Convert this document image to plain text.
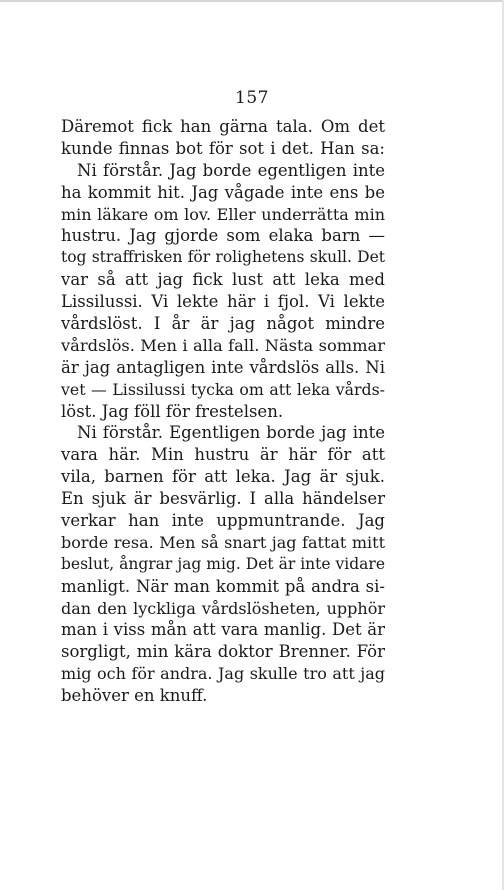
157
Däremot fick han gärna tala. Om det
kunde finnas bot för sot i det. Han sa:
Ni förstår. Jag borde egentligen inte
ha kommit hit. Jag vågade inte ens be
min läkare om lov. Eller underrätta min
hustru. Jag gjorde som elaka barn —
tog straffrisken för rolighetens skull. Det
var så att jag fick lust att leka med
Lissilussi. Vi lekte här i fjol. Vi lekte
vårdslöst. I år är jag något mindre
vårdslös. Men i alla fall. Nästa sommar
är jag antagligen inte vårdslös alls. Ni
vet — Lissilussi tycka om att leka vårds-
löst. Jag föll för frestelsen.
Ni förstår. Egentligen borde jag inte
vara här. Min hustru är här för att
vila, barnen för att leka. Jag är sjuk.
En sjuk är besvärlig. I alla händelser
verkar han inte uppmuntrande. Jag
borde resa. Men så snart jag fattat mitt
beslut, ångrar jag mig. Det är inte vidare
manligt. När man kommit på andra si-
dan den lyckliga vårdslösheten, upphör
man i viss mån att vara manlig. Det är
sorgligt, min kära doktor Brenner. För
mig och för andra. Jag skulle tro att jag
behöver en knuff.
